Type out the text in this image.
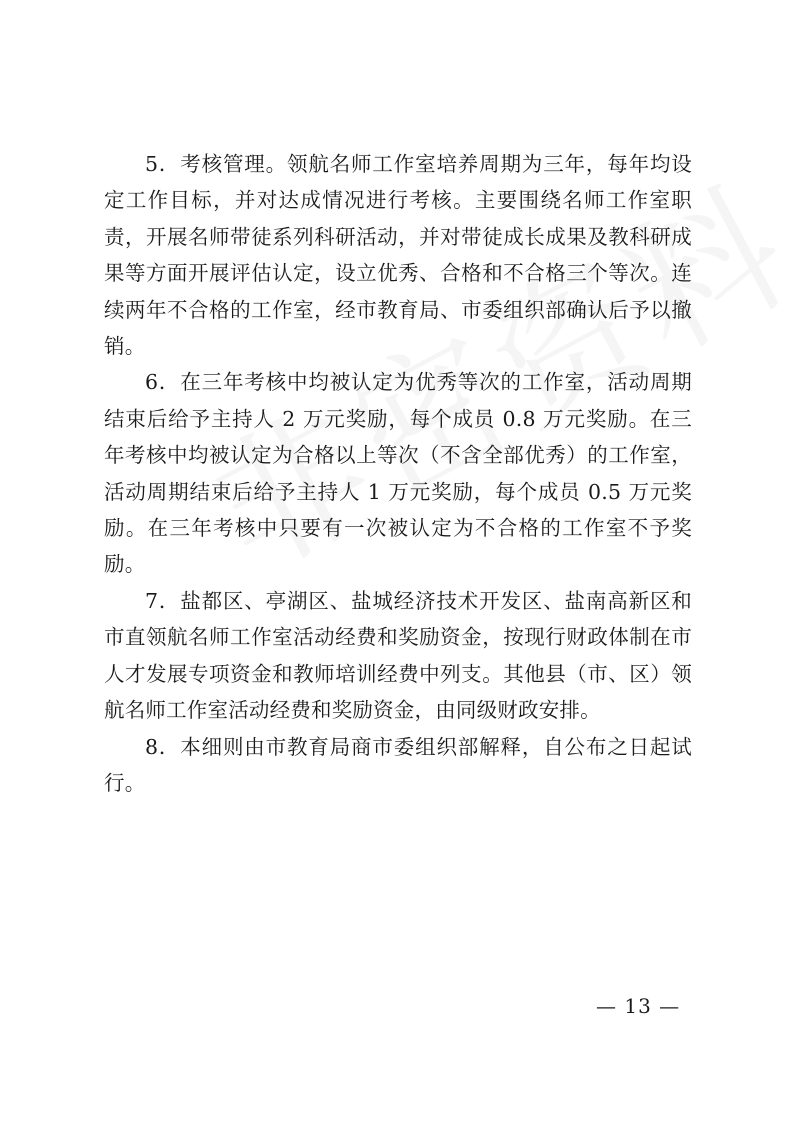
5．考核管理。领航名师工作室培养周期为三年，每年均设定工作目标，并对达成情况进行考核。主要围绕名师工作室职责，开展名师带徒系列科研活动，并对带徒成长成果及教科研成果等方面开展评估认定，设立优秀、合格和不合格三个等次。连续两年不合格的工作室，经市教育局、市委组织部确认后予以撤销。

6．在三年考核中均被认定为优秀等次的工作室，活动周期结束后给予主持人 2 万元奖励，每个成员 0.8 万元奖励。在三年考核中均被认定为合格以上等次（不含全部优秀）的工作室，活动周期结束后给予主持人 1 万元奖励，每个成员 0.5 万元奖励。在三年考核中只要有一次被认定为不合格的工作室不予奖励。

7．盐都区、亭湖区、盐城经济技术开发区、盐南高新区和市直领航名师工作室活动经费和奖励资金，按现行财政体制在市人才发展专项资金和教师培训经费中列支。其他县（市、区）领航名师工作室活动经费和奖励资金，由同级财政安排。

8．本细则由市教育局商市委组织部解释，自公布之日起试行。

— 13 —
